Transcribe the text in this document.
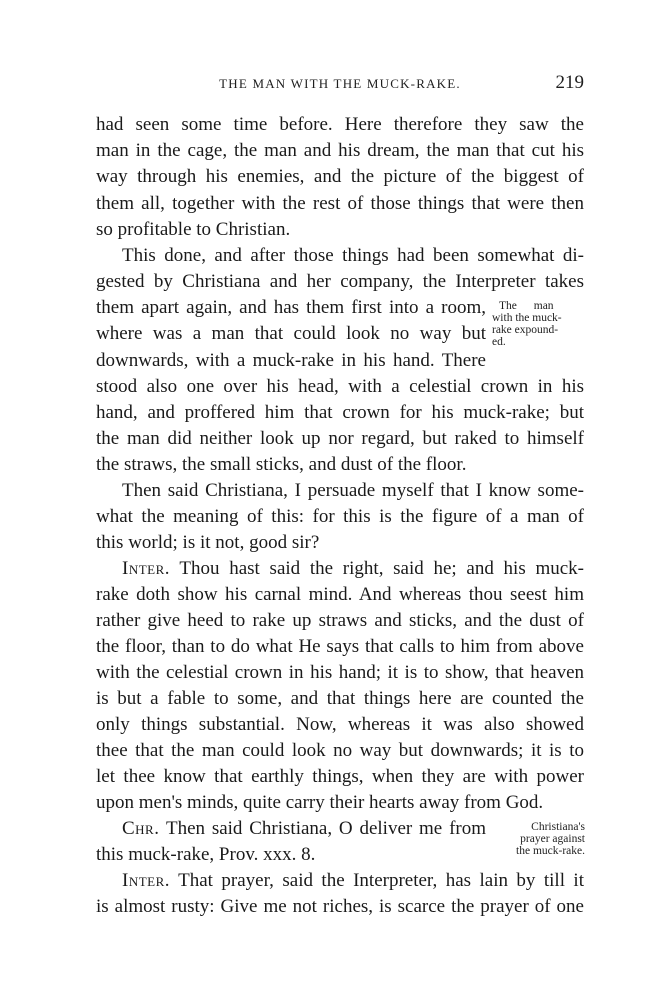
THE MAN WITH THE MUCK-RAKE.	219
had seen some time before. Here therefore they saw the
man in the cage, the man and his dream, the man that cut his
way through his enemies, and the picture of the biggest of
them all, together with the rest of those things that were then
so profitable to Christian.
This done, and after those things had been somewhat di-
gested by Christiana and her company, the Interpreter takes
them apart again, and has them first into a room,
where was a man that could look no way but
downwards, with a muck-rake in his hand. There
stood also one over his head, with a celestial crown in his
hand, and proffered him that crown for his muck-rake; but
the man did neither look up nor regard, but raked to himself
the straws, the small sticks, and dust of the floor.
Then said Christiana, I persuade myself that I know some-
what the meaning of this: for this is the figure of a man of
this world; is it not, good sir?
Inter. Thou hast said the right, said he; and his muck-
rake doth show his carnal mind. And whereas thou seest him
rather give heed to rake up straws and sticks, and the dust of
the floor, than to do what He says that calls to him from above
with the celestial crown in his hand; it is to show, that heaven
is but a fable to some, and that things here are counted the
only things substantial. Now, whereas it was also showed
thee that the man could look no way but downwards; it is to
let thee know that earthly things, when they are with power
upon men's minds, quite carry their hearts away from God.
Chr. Then said Christiana, O deliver me from
this muck-rake, Prov. xxx. 8.
Inter. That prayer, said the Interpreter, has lain by till it
is almost rusty: Give me not riches, is scarce the prayer of one
The man
with the muck-
rake expound-
ed.
Christiana's
prayer against
the muck-rake.
